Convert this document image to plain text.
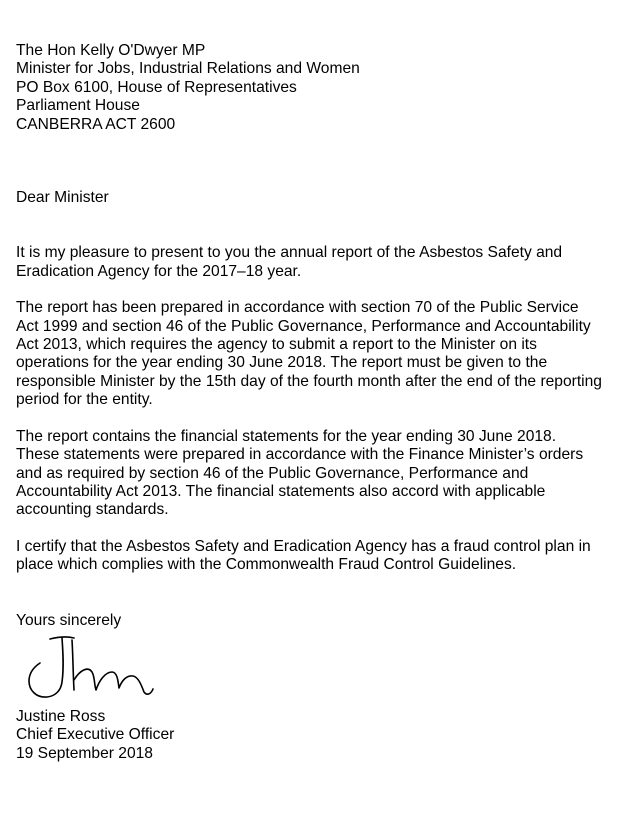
The Hon Kelly O'Dwyer MP
Minister for Jobs, Industrial Relations and Women
PO Box 6100, House of Representatives
Parliament House
CANBERRA ACT 2600
Dear Minister
It is my pleasure to present to you the annual report of the Asbestos Safety and
Eradication Agency for the 2017–18 year.
The report has been prepared in accordance with section 70 of the Public Service
Act 1999 and section 46 of the Public Governance, Performance and Accountability
Act 2013, which requires the agency to submit a report to the Minister on its
operations for the year ending 30 June 2018. The report must be given to the
responsible Minister by the 15th day of the fourth month after the end of the reporting
period for the entity.
The report contains the financial statements for the year ending 30 June 2018.
These statements were prepared in accordance with the Finance Minister’s orders
and as required by section 46 of the Public Governance, Performance and
Accountability Act 2013. The financial statements also accord with applicable
accounting standards.
I certify that the Asbestos Safety and Eradication Agency has a fraud control plan in
place which complies with the Commonwealth Fraud Control Guidelines.
Yours sincerely
Justine Ross
Chief Executive Officer
19 September 2018
